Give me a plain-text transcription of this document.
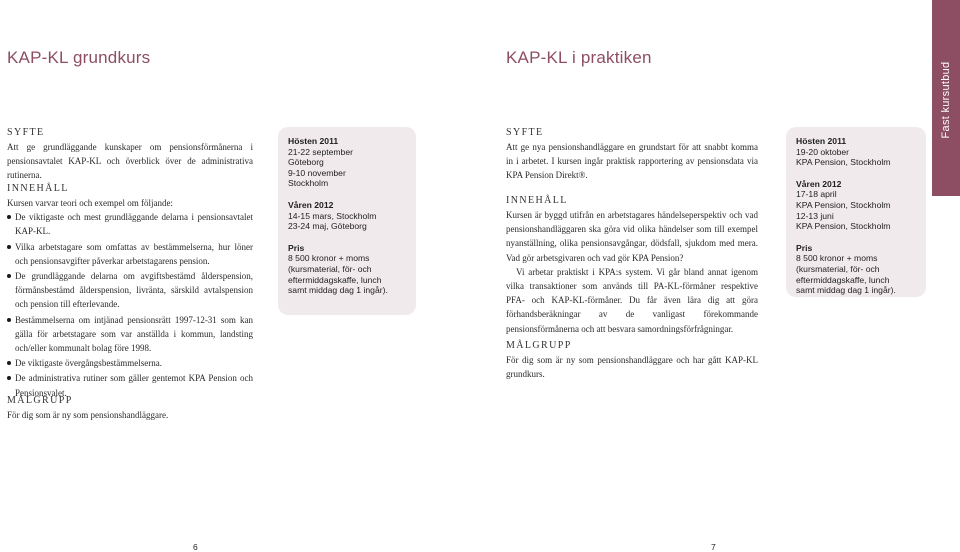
KAP-KL grundkurs
SYFTE
Att ge grundläggande kunskaper om pensionsförmånerna i pensionsavtalet KAP-KL och överblick över de administrativa rutinerna.
INNEHÅLL
Kursen varvar teori och exempel om följande:
De viktigaste och mest grundläggande delarna i pensionsavtalet KAP-KL.
Vilka arbetstagare som omfattas av bestämmelserna, hur löner och pensionsavgifter påverkar arbetstagarens pension.
De grundläggande delarna om avgiftsbestämd ålderspension, förmånsbestämd ålderspension, livränta, särskild avtalspension och pension till efterlevande.
Bestämmelserna om intjänad pensionsrätt 1997-12-31 som kan gälla för arbetstagare som var anställda i kommun, landsting och/eller kommunalt bolag före 1998.
De viktigaste övergångsbestämmelserna.
De administrativa rutiner som gäller gentemot KPA Pension och Pensionsvalet.
MÅLGRUPP
För dig som är ny som pensionshandläggare.
Hösten 2011
21-22 september
Göteborg
9-10 november
Stockholm
Våren 2012
14-15 mars, Stockholm
23-24 maj, Göteborg
Pris
8 500 kronor + moms
(kursmaterial, för- och
eftermiddagskaffe, lunch
samt middag dag 1 ingår).
6
KAP-KL i praktiken
SYFTE
Att ge nya pensionshandläggare en grundstart för att snabbt komma in i arbetet. I kursen ingår praktisk rapportering av pensionsdata via KPA Pension Direkt®.
INNEHÅLL
Kursen är byggd utifrån en arbetstagares händelseperspektiv och vad pensionshandläggaren ska göra vid olika händelser som till exempel nyanställning, olika pensionsavgångar, dödsfall, sjukdom med mera. Vad gör arbetsgivaren och vad gör KPA Pension?
Vi arbetar praktiskt i KPA:s system. Vi går bland annat igenom vilka transaktioner som används till PA-KL-förmåner respektive PFA- och KAP-KL-förmåner. Du får även lära dig att göra förhandsberäkningar av de vanligast förekommande pensionsförmånerna och att besvara samordningsförfrågningar.
MÅLGRUPP
För dig som är ny som pensionshandläggare och har gått KAP-KL grundkurs.
Hösten 2011
19-20 oktober
KPA Pension, Stockholm
Våren 2012
17-18 april
KPA Pension, Stockholm
12-13 juni
KPA Pension, Stockholm
Pris
8 500 kronor + moms
(kursmaterial, för- och
eftermiddagskaffe, lunch
samt middag dag 1 ingår).
Fast kursutbud
7
